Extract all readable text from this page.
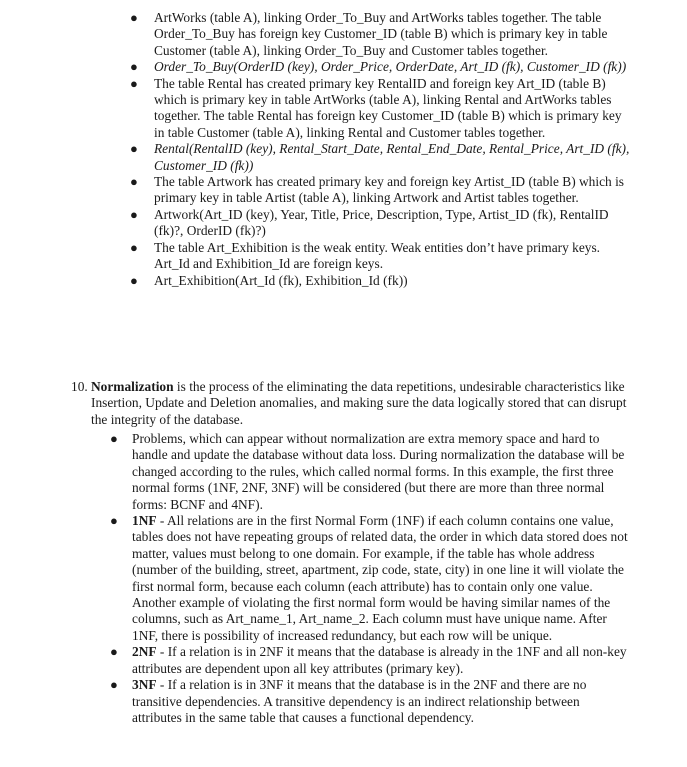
● ArtWorks (table A), linking Order_To_Buy and ArtWorks tables together. The table Order_To_Buy has foreign key Customer_ID (table B) which is primary key in table Customer (table A), linking Order_To_Buy and Customer tables together.
● Order_To_Buy(OrderID (key), Order_Price, OrderDate, Art_ID (fk), Customer_ID (fk))
● The table Rental has created primary key RentalID and foreign key Art_ID (table B) which is primary key in table ArtWorks (table A), linking Rental and ArtWorks tables together. The table Rental has foreign key Customer_ID (table B) which is primary key in table Customer (table A), linking Rental and Customer tables together.
● Rental(RentalID (key), Rental_Start_Date, Rental_End_Date, Rental_Price, Art_ID (fk), Customer_ID (fk))
● The table Artwork has created primary key and foreign key Artist_ID (table B) which is primary key in table Artist (table A), linking Artwork and Artist tables together.
● Artwork(Art_ID (key), Year, Title, Price, Description, Type, Artist_ID (fk), RentalID (fk)?, OrderID (fk)?)
● The table Art_Exhibition is the weak entity. Weak entities don’t have primary keys. Art_Id and Exhibition_Id are foreign keys.
● Art_Exhibition(Art_Id (fk), Exhibition_Id (fk))

10. Normalization is the process of the eliminating the data repetitions, undesirable characteristics like Insertion, Update and Deletion anomalies, and making sure the data logically stored that can disrupt the integrity of the database.

● Problems, which can appear without normalization are extra memory space and hard to handle and update the database without data loss. During normalization the database will be changed according to the rules, which called normal forms. In this example, the first three normal forms (1NF, 2NF, 3NF) will be considered (but there are more than three normal forms: BCNF and 4NF).
● 1NF - All relations are in the first Normal Form (1NF) if each column contains one value, tables does not have repeating groups of related data, the order in which data stored does not matter, values must belong to one domain. For example, if the table has whole address (number of the building, street, apartment, zip code, state, city) in one line it will violate the first normal form, because each column (each attribute) has to contain only one value. Another example of violating the first normal form would be having similar names of the columns, such as Art_name_1, Art_name_2. Each column must have unique name. After 1NF, there is possibility of increased redundancy, but each row will be unique.
● 2NF - If a relation is in 2NF it means that the database is already in the 1NF and all non-key attributes are dependent upon all key attributes (primary key).
● 3NF - If a relation is in 3NF it means that the database is in the 2NF and there are no transitive dependencies. A transitive dependency is an indirect relationship between attributes in the same table that causes a functional dependency.
